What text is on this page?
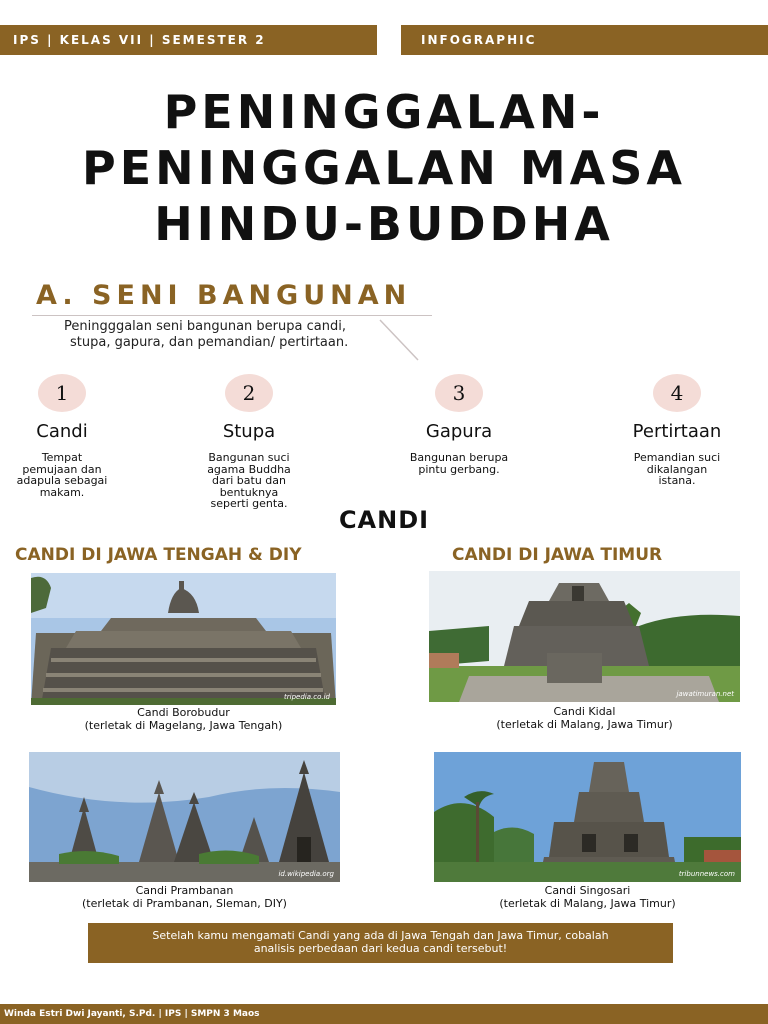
IPS | KELAS VII | SEMESTER 2	INFOGRAPHIC
PENINGGALAN-
PENINGGALAN MASA
HINDU-BUDDHA
A. SENI BANGUNAN

Peningggalan seni bangunan berupa candi,
stupa, gapura, dan pemandian/ pertirtaan.

1
Candi
Tempat
pemujaan dan
adapula sebagai
makam.
2
Stupa
Bangunan suci
agama Buddha
dari batu dan
bentuknya
seperti genta.
3
Gapura
Bangunan berupa
pintu gerbang.
4
Pertirtaan
Pemandian suci
dikalangan
istana.
CANDI
CANDI DI JAWA TENGAH & DIY	CANDI DI JAWA TIMUR
tripedia.co.id

Candi Borobudur
(terletak di Magelang, Jawa Tengah)

jawatimuran.net

Candi Kidal
(terletak di Malang, Jawa Timur)

id.wikipedia.org

Candi Prambanan
(terletak di Prambanan, Sleman, DIY)

tribunnews.com

Candi Singosari
(terletak di Malang, Jawa Timur)

Setelah kamu mengamati Candi yang ada di Jawa Tengah dan Jawa Timur, cobalah
analisis perbedaan dari kedua candi tersebut!
Winda Estri Dwi Jayanti, S.Pd. | IPS | SMPN 3 Maos
